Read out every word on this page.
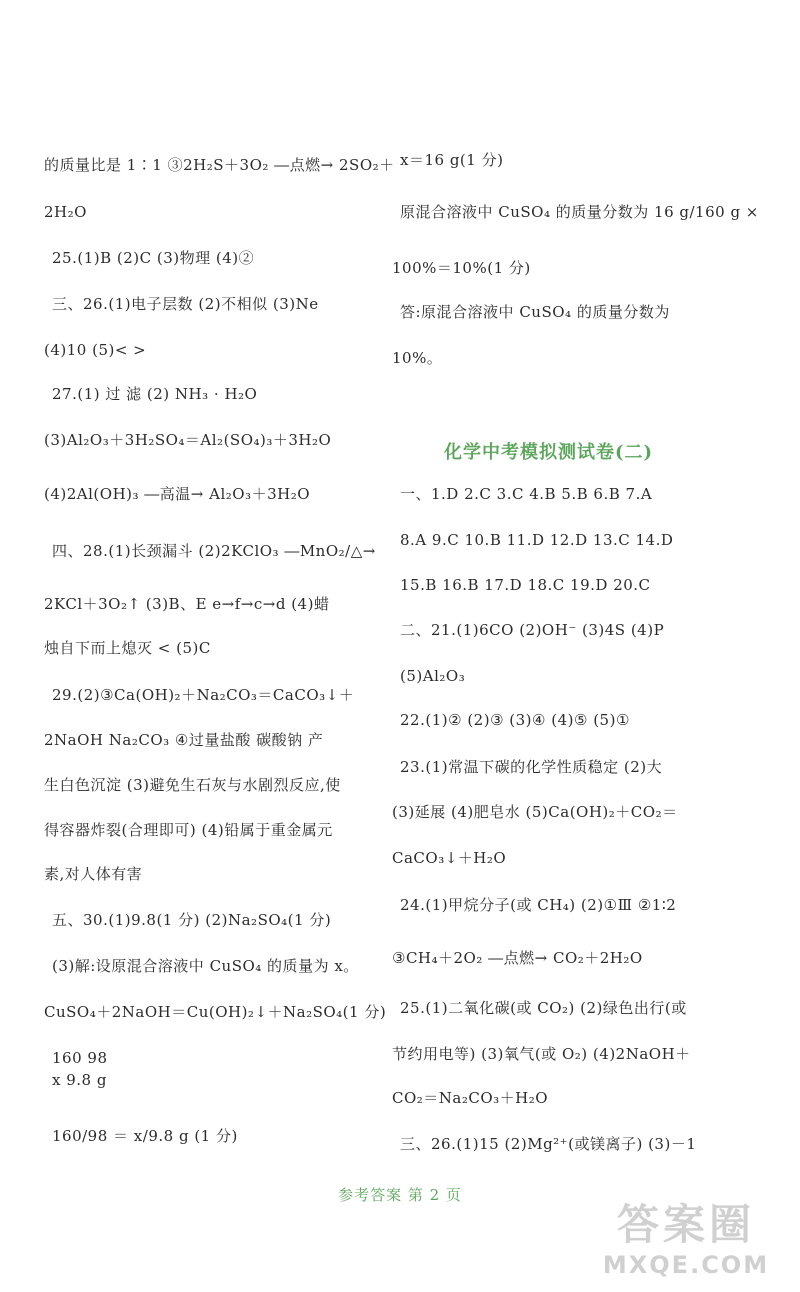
的质量比是 1∶1 ③2H₂S＋3O₂ ―点燃→ 2SO₂＋
2H₂O
25.(1)B (2)C (3)物理 (4)②
三、26.(1)电子层数 (2)不相似 (3)Ne
(4)10 (5)< >
27.(1) 过 滤 (2) NH₃ · H₂O
(3)Al₂O₃＋3H₂SO₄＝Al₂(SO₄)₃＋3H₂O
(4)2Al(OH)₃ ―高温→ Al₂O₃＋3H₂O
四、28.(1)长颈漏斗 (2)2KClO₃ ―MnO₂/△→
2KCl＋3O₂↑ (3)B、E e→f→c→d (4)蜡
烛自下而上熄灭 < (5)C
29.(2)③Ca(OH)₂＋Na₂CO₃＝CaCO₃↓＋
2NaOH Na₂CO₃ ④过量盐酸 碳酸钠 产
生白色沉淀 (3)避免生石灰与水剧烈反应,使
得容器炸裂(合理即可) (4)铅属于重金属元
素,对人体有害
五、30.(1)9.8(1 分) (2)Na₂SO₄(1 分)
(3)解:设原混合溶液中 CuSO₄ 的质量为 x。
CuSO₄＋2NaOH＝Cu(OH)₂↓＋Na₂SO₄(1 分)
160 98
x 9.8 g
160/98 ＝ x/9.8 g (1 分)
化学中考模拟测试卷(二)
x＝16 g(1 分)
原混合溶液中 CuSO₄ 的质量分数为 16 g/160 g ×
100%＝10%(1 分)
答:原混合溶液中 CuSO₄ 的质量分数为
10%。
一、1.D 2.C 3.C 4.B 5.B 6.B 7.A
8.A 9.C 10.B 11.D 12.D 13.C 14.D
15.B 16.B 17.D 18.C 19.D 20.C
二、21.(1)6CO (2)OH⁻ (3)4S (4)P
(5)Al₂O₃
22.(1)② (2)③ (3)④ (4)⑤ (5)①
23.(1)常温下碳的化学性质稳定 (2)大
(3)延展 (4)肥皂水 (5)Ca(OH)₂＋CO₂＝
CaCO₃↓＋H₂O
24.(1)甲烷分子(或 CH₄) (2)①Ⅲ ②1∶2
③CH₄＋2O₂ ―点燃→ CO₂＋2H₂O
25.(1)二氧化碳(或 CO₂) (2)绿色出行(或
节约用电等) (3)氧气(或 O₂) (4)2NaOH＋
CO₂＝Na₂CO₃＋H₂O
三、26.(1)15 (2)Mg²⁺(或镁离子) (3)－1
参考答案 第 2 页
答案圈
MXQE.COM
